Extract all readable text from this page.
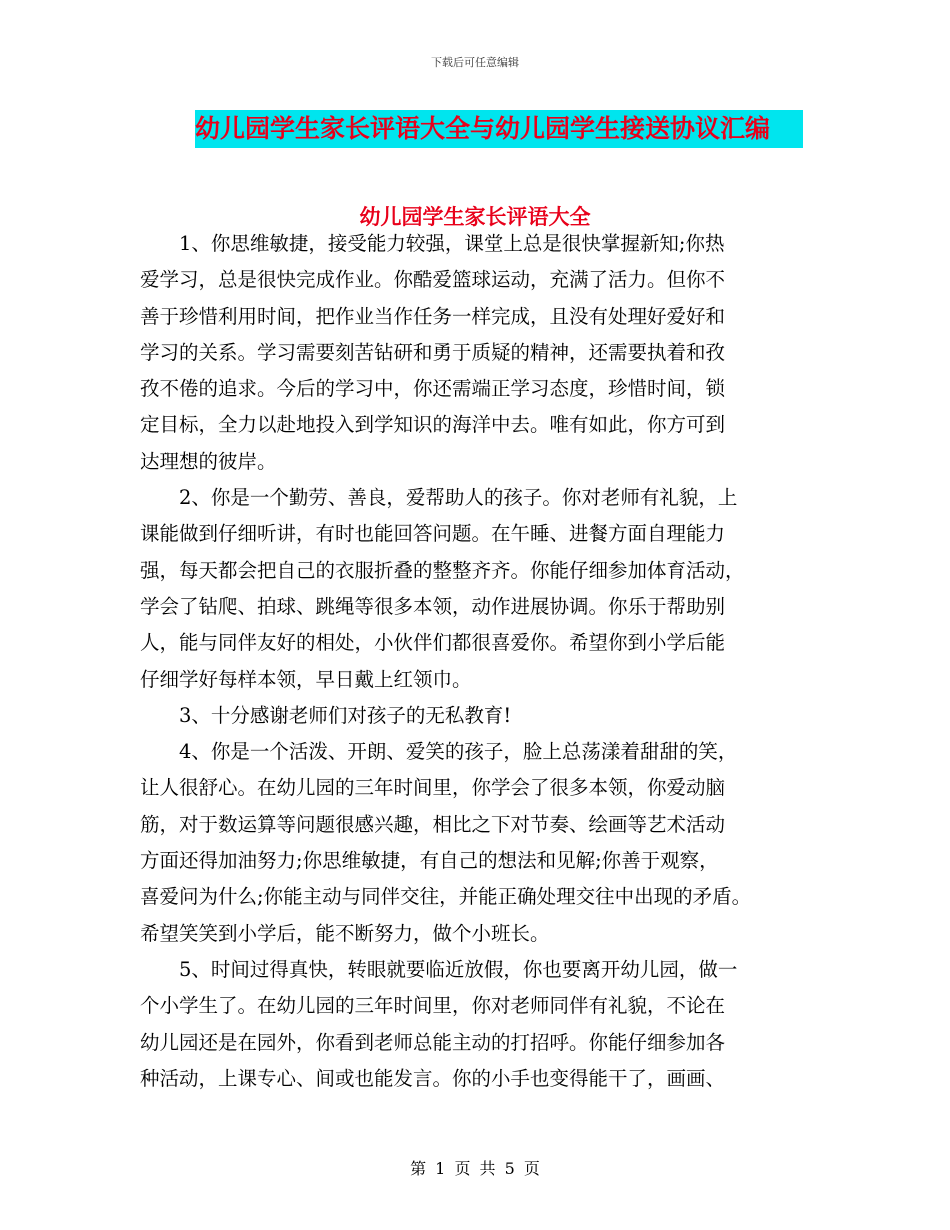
下载后可任意编辑
幼儿园学生家长评语大全与幼儿园学生接送协议汇编
幼儿园学生家长评语大全
1、你思维敏捷，接受能力较强，课堂上总是很快掌握新知;你热
爱学习，总是很快完成作业。你酷爱篮球运动，充满了活力。但你不
善于珍惜利用时间，把作业当作任务一样完成，且没有处理好爱好和
学习的关系。学习需要刻苦钻研和勇于质疑的精神，还需要执着和孜
孜不倦的追求。今后的学习中，你还需端正学习态度，珍惜时间，锁
定目标，全力以赴地投入到学知识的海洋中去。唯有如此，你方可到
达理想的彼岸。
2、你是一个勤劳、善良，爱帮助人的孩子。你对老师有礼貌，上
课能做到仔细听讲，有时也能回答问题。在午睡、进餐方面自理能力
强，每天都会把自己的衣服折叠的整整齐齐。你能仔细参加体育活动，
学会了钻爬、拍球、跳绳等很多本领，动作进展协调。你乐于帮助别
人，能与同伴友好的相处，小伙伴们都很喜爱你。希望你到小学后能
仔细学好每样本领，早日戴上红领巾。
3、十分感谢老师们对孩子的无私教育!
4、你是一个活泼、开朗、爱笑的孩子，脸上总荡漾着甜甜的笑，
让人很舒心。在幼儿园的三年时间里，你学会了很多本领，你爱动脑
筋，对于数运算等问题很感兴趣，相比之下对节奏、绘画等艺术活动
方面还得加油努力;你思维敏捷，有自己的想法和见解;你善于观察，
喜爱问为什么;你能主动与同伴交往，并能正确处理交往中出现的矛盾。
希望笑笑到小学后，能不断努力，做个小班长。
5、时间过得真快，转眼就要临近放假，你也要离开幼儿园，做一
个小学生了。在幼儿园的三年时间里，你对老师同伴有礼貌，不论在
幼儿园还是在园外，你看到老师总能主动的打招呼。你能仔细参加各
种活动，上课专心、间或也能发言。你的小手也变得能干了，画画、
第 1 页 共 5 页
